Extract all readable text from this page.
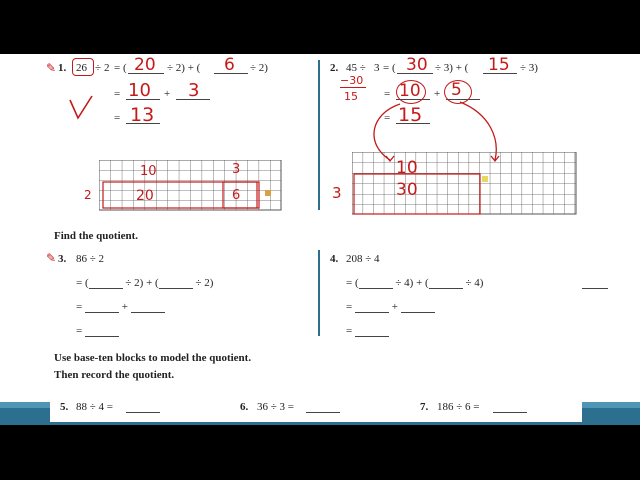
✎ 1. 26 ÷ 2 = (	÷ 2) + (	÷ 2)
20	6
= 10 + 3
= 13
10	3
20	6
2
2. 45 ÷ 3 = (	÷ 3) + (	÷ 3)
30	15
−30
15 = 10 + 5
= 15
10
30
3
Find the quotient.
✎ 3. 86 ÷ 2
= (	÷ 2) + (	÷ 2)
=	+
=
4. 208 ÷ 4
= (	÷ 4) + (	÷ 4)
=	+
=
Use base-ten blocks to model the quotient.
Then record the quotient.
5. 88 ÷ 4 =	6. 36 ÷ 3 =	7. 186 ÷ 6 =
